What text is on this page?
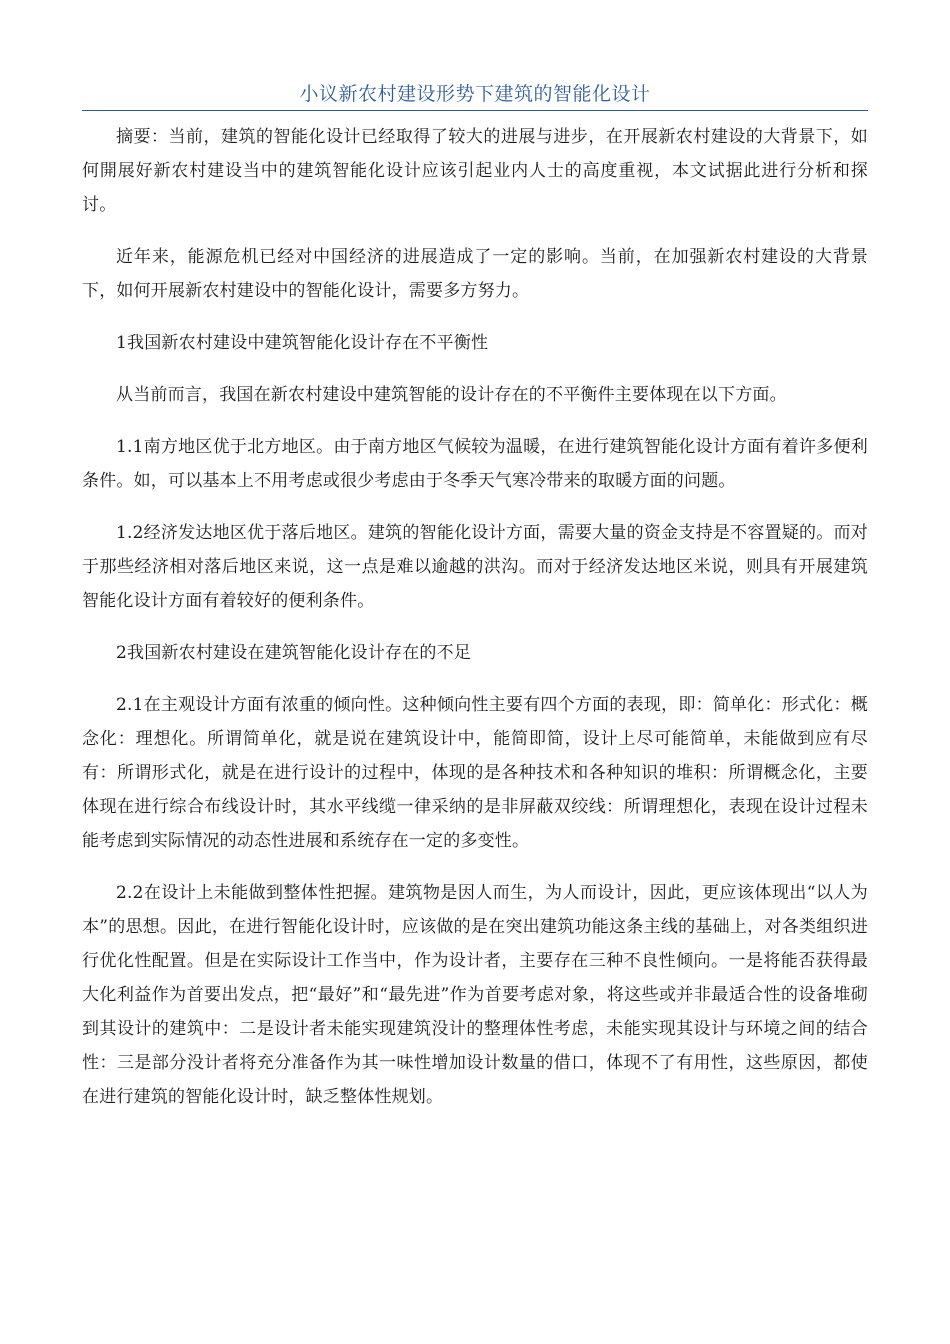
小议新农村建设形势下建筑的智能化设计

摘要：当前，建筑的智能化设计已经取得了较大的进展与进步，在开展新农村建设的大背景下，如何開展好新农村建设当中的建筑智能化设计应该引起业内人士的高度重视，本文试据此进行分析和探讨。

近年来，能源危机已经对中国经济的进展造成了一定的影响。当前，在加强新农村建设的大背景下，如何开展新农村建设中的智能化设计，需要多方努力。

1我国新农村建设中建筑智能化设计存在不平衡性

从当前而言，我国在新农村建设中建筑智能的设计存在的不平衡件主要体现在以下方面。

1.1南方地区优于北方地区。由于南方地区气候较为温暖，在进行建筑智能化设计方面有着许多便利条件。如，可以基本上不用考虑或很少考虑由于冬季天气寒冷带来的取暖方面的问题。

1.2经济发达地区优于落后地区。建筑的智能化设计方面，需要大量的资金支持是不容置疑的。而对于那些经济相对落后地区来说，这一点是难以逾越的洪沟。而对于经济发达地区米说，则具有开展建筑智能化设计方面有着较好的便利条件。

2我国新农村建设在建筑智能化设计存在的不足

2.1在主观设计方面有浓重的倾向性。这种倾向性主要有四个方面的表现，即：简单化：形式化：概念化：理想化。所谓简单化，就是说在建筑设计中，能简即简，设计上尽可能简单，未能做到应有尽有：所谓形式化，就是在进行设计的过程中，体现的是各种技术和各种知识的堆积：所谓概念化，主要体现在进行综合布线设计时，其水平线缆一律采纳的是非屏蔽双绞线：所谓理想化，表现在设计过程未能考虑到实际情况的动态性进展和系统存在一定的多变性。

2.2在设计上未能做到整体性把握。建筑物是因人而生，为人而设计，因此，更应该体现出“以人为本”的思想。因此，在进行智能化设计时，应该做的是在突出建筑功能这条主线的基础上，对各类组织进行优化性配置。但是在实际设计工作当中，作为设计者，主要存在三种不良性倾向。一是将能否获得最大化利益作为首要出发点，把“最好”和“最先进”作为首要考虑对象，将这些或并非最适合性的设备堆砌到其设计的建筑中：二是设计者未能实现建筑没计的整理体性考虑，未能实现其设计与环境之间的结合性：三是部分没计者将充分准备作为其一味性增加设计数量的借口，体现不了有用性，这些原因，都使在进行建筑的智能化设计时，缺乏整体性规划。
